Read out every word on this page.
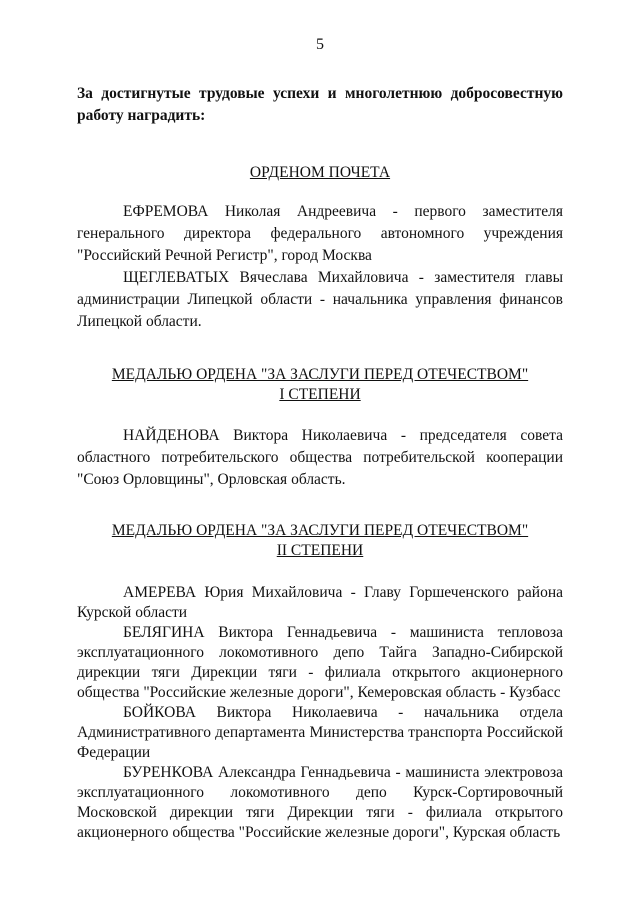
5

За достигнутые трудовые успехи и многолетнюю добросовестную работу наградить:

ОРДЕНОМ ПОЧЕТА

ЕФРЕМОВА Николая Андреевича - первого заместителя генерального директора федерального автономного учреждения "Российский Речной Регистр", город Москва

ЩЕГЛЕВАТЫХ Вячеслава Михайловича - заместителя главы администрации Липецкой области - начальника управления финансов Липецкой области.

МЕДАЛЬЮ ОРДЕНА "ЗА ЗАСЛУГИ ПЕРЕД ОТЕЧЕСТВОМ"
I СТЕПЕНИ

НАЙДЕНОВА Виктора Николаевича - председателя совета областного потребительского общества потребительской кооперации "Союз Орловщины", Орловская область.

МЕДАЛЬЮ ОРДЕНА "ЗА ЗАСЛУГИ ПЕРЕД ОТЕЧЕСТВОМ"
II СТЕПЕНИ

АМЕРЕВА Юрия Михайловича - Главу Горшеченского района Курской области

БЕЛЯГИНА Виктора Геннадьевича - машиниста тепловоза эксплуатационного локомотивного депо Тайга Западно-Сибирской дирекции тяги Дирекции тяги - филиала открытого акционерного общества "Российские железные дороги", Кемеровская область - Кузбасс

БОЙКОВА Виктора Николаевича - начальника отдела Административного департамента Министерства транспорта Российской Федерации

БУРЕНКОВА Александра Геннадьевича - машиниста электровоза эксплуатационного локомотивного депо Курск-Сортировочный Московской дирекции тяги Дирекции тяги - филиала открытого акционерного общества "Российские железные дороги", Курская область
